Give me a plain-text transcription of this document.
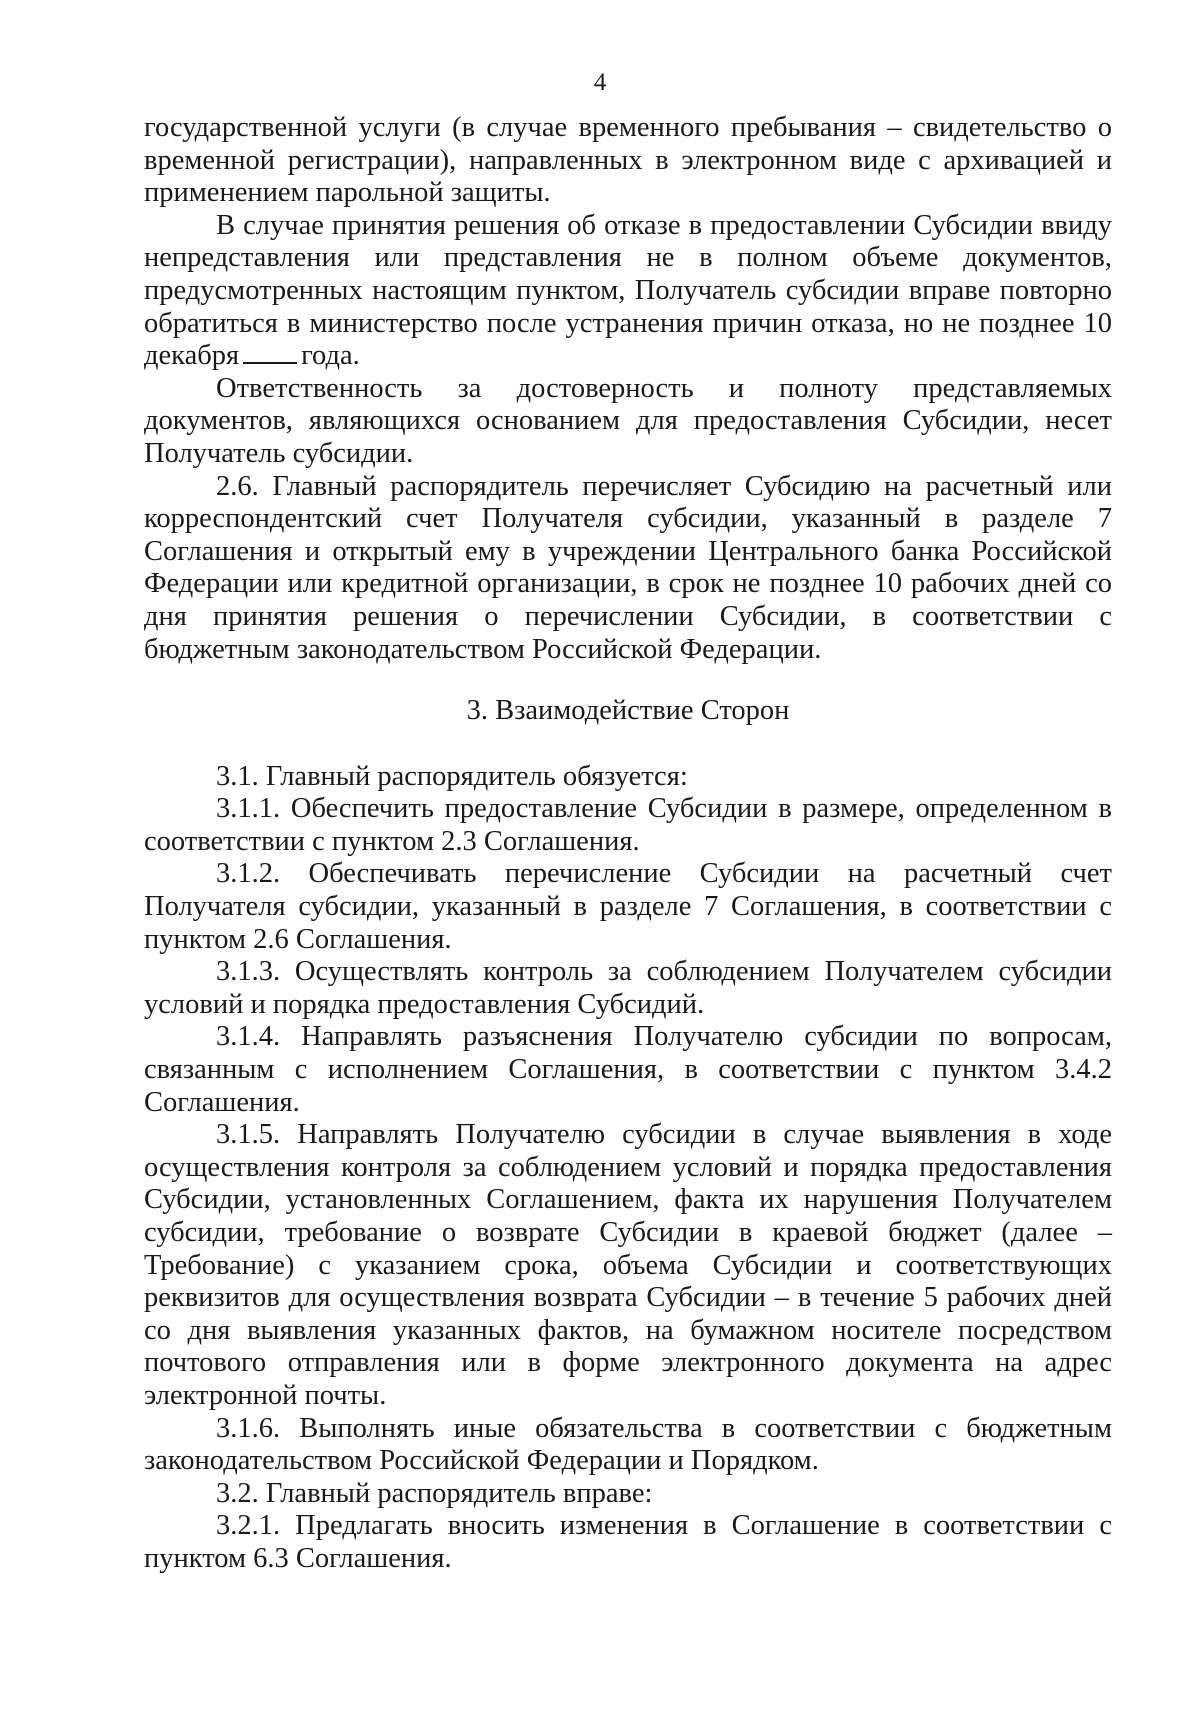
4

государственной услуги (в случае временного пребывания – свидетельство о временной регистрации), направленных в электронном виде с архивацией и применением парольной защиты.

В случае принятия решения об отказе в предоставлении Субсидии ввиду непредставления или представления не в полном объеме документов, предусмотренных настоящим пунктом, Получатель субсидии вправе повторно обратиться в министерство после устранения причин отказа, но не позднее 10 декабря года.

Ответственность за достоверность и полноту представляемых документов, являющихся основанием для предоставления Субсидии, несет Получатель субсидии.

2.6. Главный распорядитель перечисляет Субсидию на расчетный или корреспондентский счет Получателя субсидии, указанный в разделе 7 Соглашения и открытый ему в учреждении Центрального банка Российской Федерации или кредитной организации, в срок не позднее 10 рабочих дней со дня принятия решения о перечислении Субсидии, в соответствии с бюджетным законодательством Российской Федерации.

3. Взаимодействие Сторон

3.1. Главный распорядитель обязуется:

3.1.1. Обеспечить предоставление Субсидии в размере, определенном в соответствии с пунктом 2.3 Соглашения.

3.1.2. Обеспечивать перечисление Субсидии на расчетный счет Получателя субсидии, указанный в разделе 7 Соглашения, в соответствии с пунктом 2.6 Соглашения.

3.1.3. Осуществлять контроль за соблюдением Получателем субсидии условий и порядка предоставления Субсидий.

3.1.4. Направлять разъяснения Получателю субсидии по вопросам, связанным с исполнением Соглашения, в соответствии с пунктом 3.4.2 Соглашения.

3.1.5. Направлять Получателю субсидии в случае выявления в ходе осуществления контроля за соблюдением условий и порядка предоставления Субсидии, установленных Соглашением, факта их нарушения Получателем субсидии, требование о возврате Субсидии в краевой бюджет (далее – Требование) с указанием срока, объема Субсидии и соответствующих реквизитов для осуществления возврата Субсидии – в течение 5 рабочих дней со дня выявления указанных фактов, на бумажном носителе посредством почтового отправления или в форме электронного документа на адрес электронной почты.

3.1.6. Выполнять иные обязательства в соответствии с бюджетным законодательством Российской Федерации и Порядком.

3.2. Главный распорядитель вправе:

3.2.1. Предлагать вносить изменения в Соглашение в соответствии с пунктом 6.3 Соглашения.
